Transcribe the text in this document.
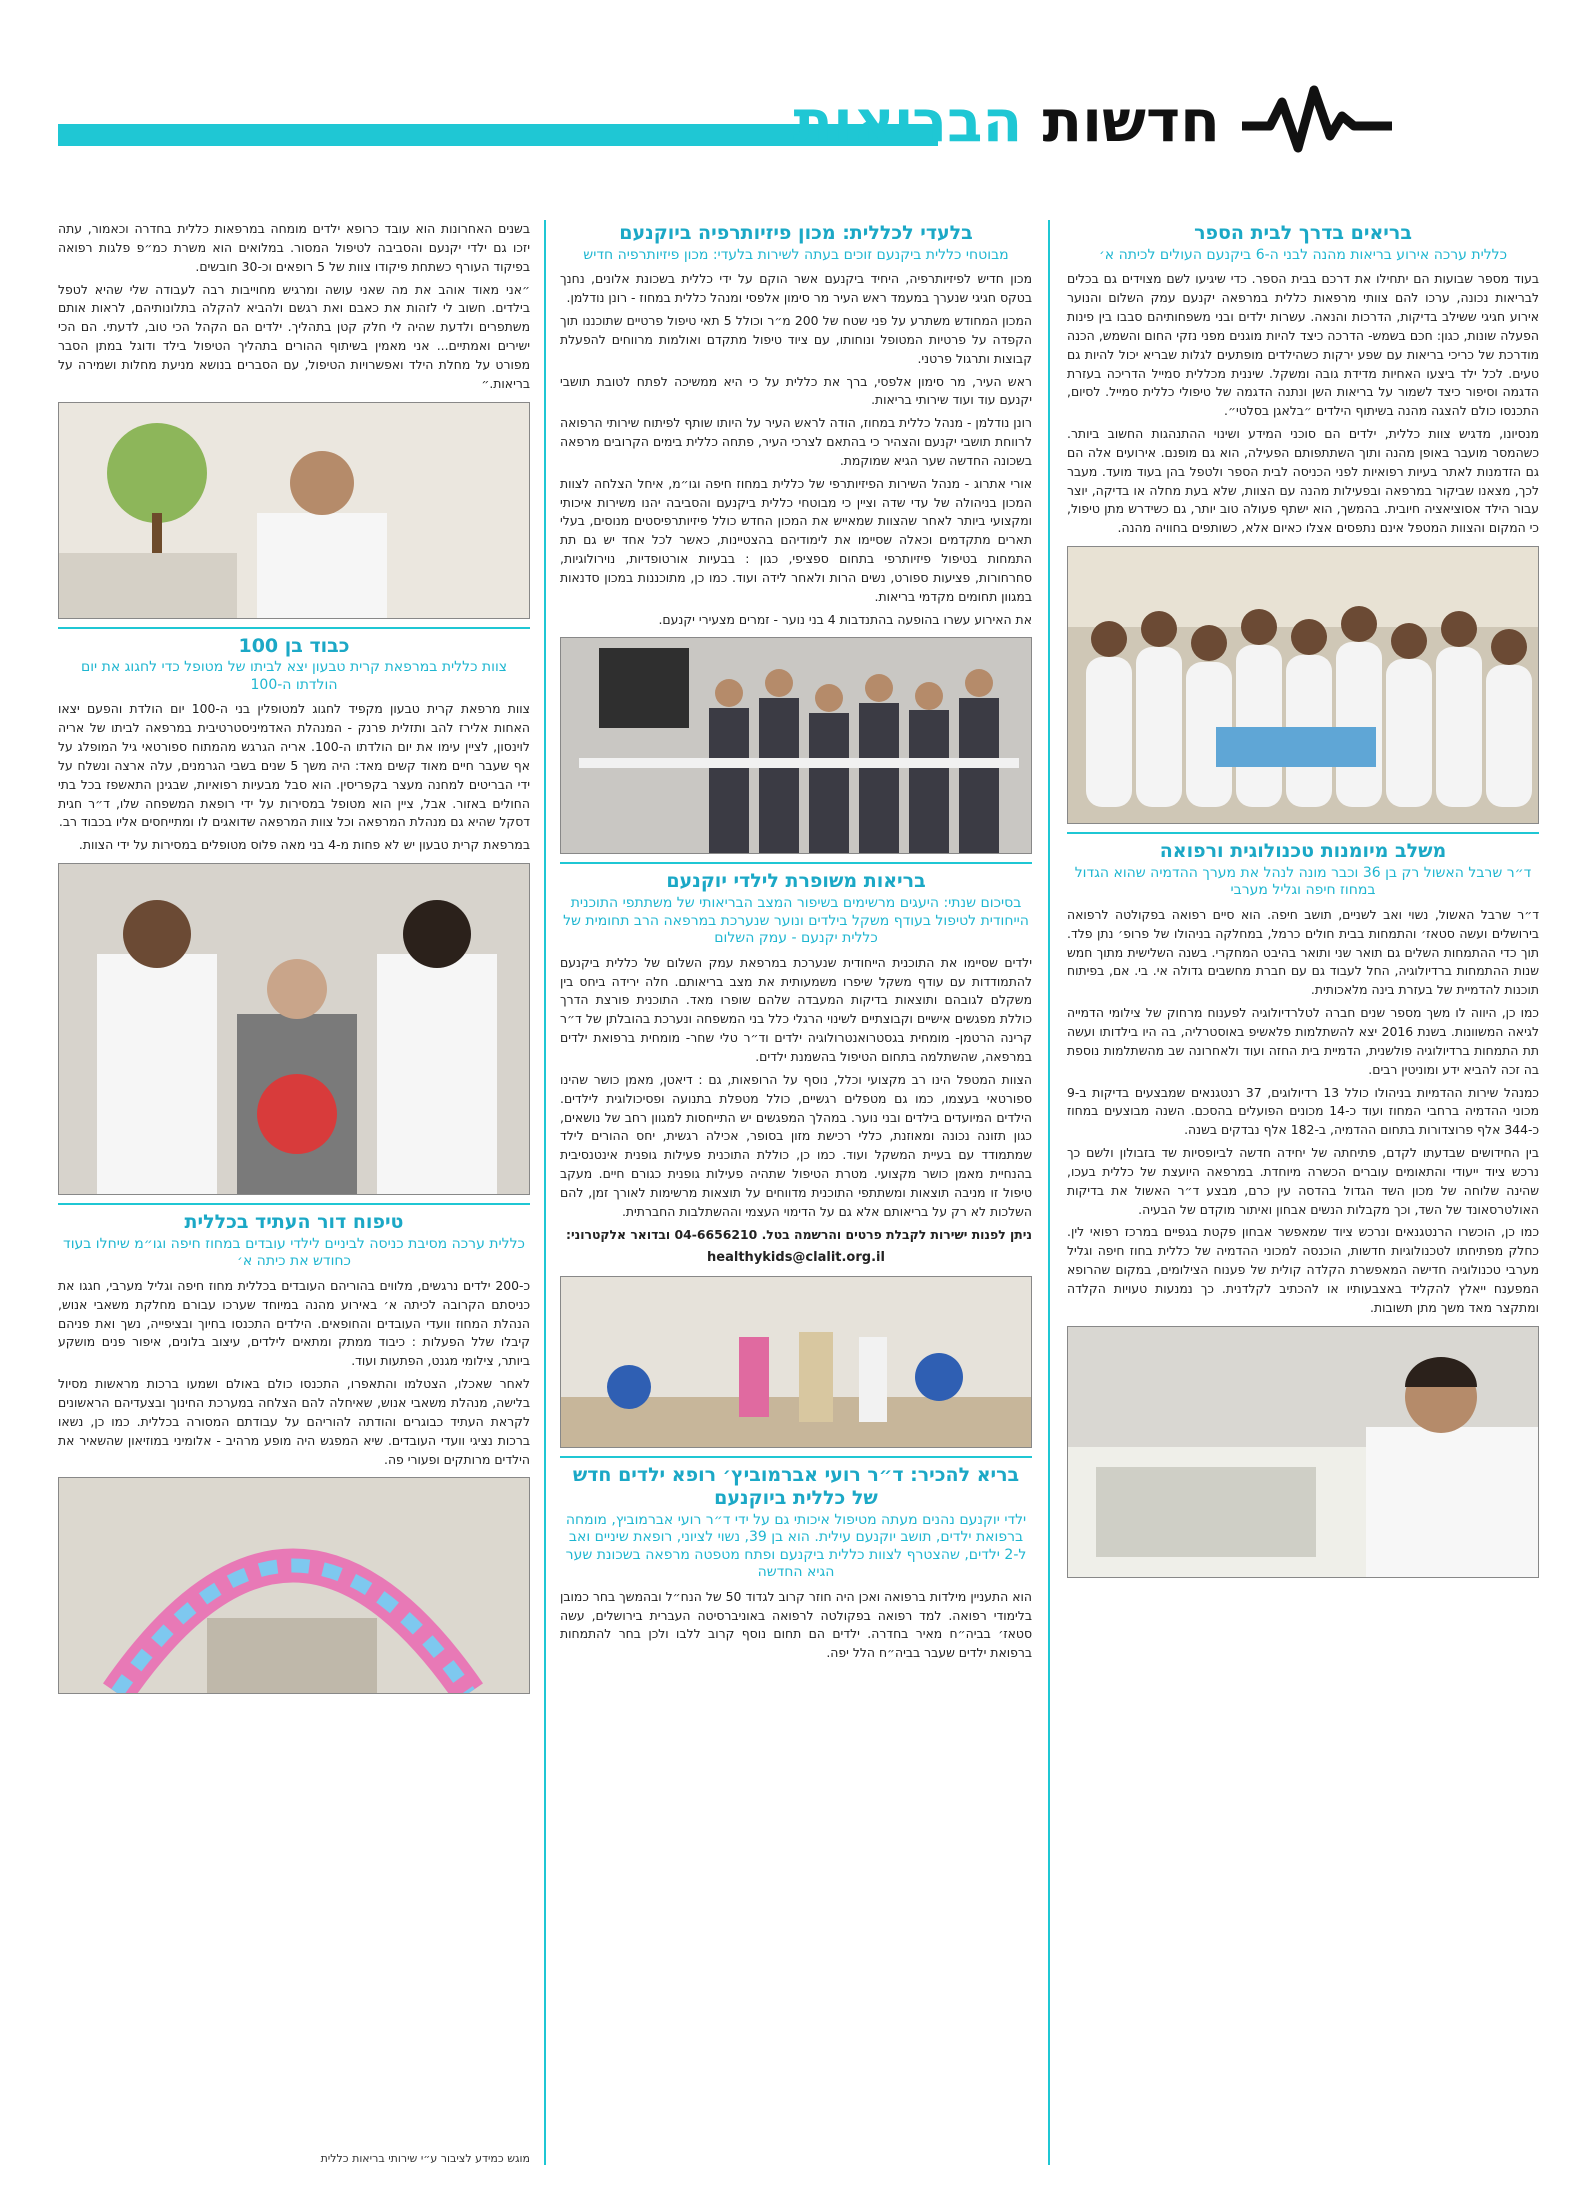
חדשות הבריאות
בריאים בדרך לבית הספר
כללית ערכה אירוע בריאות מהנה לבני ה-6 ביקנעם העולים לכיתה א׳

בעוד מספר שבועות הם יתחילו את דרכם בבית הספר. כדי שיגיעו לשם מצוידים גם בכלים לבריאות נכונה, ערכו להם צוותי מרפאות כללית במרפאה יקנעם עמק השלום והנוער אירוע חגיגי ששילב בדיקות, הדרכות והנאה. עשרות ילדים ובני משפחותיהם סבבו בין פינות הפעלה שונות, כגון: חכם בשמש- הדרכה כיצד להיות מוגנים מפני נזקי החום והשמש, הכנה מודרכת של כריכי בריאות עם שפע ירקות כשהילדים מופתעים לגלות שבריא יכול להיות גם טעים. לכל ילד ביצעו האחיות מדידת גובה ומשקל. שיננית מכללית סמייל הדריכה בעזרת הדגמה וסיפור כיצד לשמור על בריאות השן ונתנה הדגמה של טיפולי כללית סמייל. לסיום, התכנסו כולם להצגה מהנה בשיתוף הילדים ״בלאגן בסלטי״.

מנסיונו, מדגיש צוות כללית, ילדים הם סוכני המידע ושינוי ההתנהגות החשוב ביותר. כשהמסר מועבר באופן מהנה ותוך השתתפותם הפעילה, הוא גם מופנם. אירועים אלה הם גם הזדמנות לאתר בעיות רפואיות לפני הכניסה לבית הספר ולטפל בהן בעוד מועד. מעבר לכך, מצאנו שביקור במרפאה ובפעילות מהנה עם הצוות, שלא בעת מחלה או בדיקה, יוצר עבור הילד אסוציאציה חיובית. בהמשך, הוא ישתף פעולה טוב יותר, גם כשידרש מתן טיפול, כי המקום והצוות המטפל אינם נתפסים אצלו כאיום אלא, כשותפים בחוויה מהנה.

משלב מיומנות טכנולוגית ורפואה
ד״ר שרבל האשול רק בן 36 וכבר מונה לנהל את מערך ההדמיה שהוא הגדול במחוז חיפה וגליל מערבי

ד״ר שרבל האשול, נשוי ואב לשניים, תושב חיפה. הוא סיים רפואה בפקולטה לרפואה בירושלים ועשה סטאז׳ והתמחות בבית חולים כרמל, במחלקה בניהולו של פרופ׳ נתן פלד. תוך כדי ההתמחות השלים גם תואר שני ותואר בהיבט המחקרי. בשנה השלישית מתוך חמש שנות ההתמחות ברדיולוגיה, החל לעבוד גם עם חברת מחשבים גדולה אי. בי. אם, בפיתוח תוכנות להדמיית של בעזרת בינה מלאכותית.

כמו כן, היווה לו משך מספר שנים חברה לטלרדיולוגיה לפענוח מרחוק של צילומי הדמייה לגיאה המשוונות. בשנת 2016 יצא להשתלמות פלאשיפ באוסטרליה, בה היו בילדותו ועשה תת התמחות ברדיולוגיה פולשנית, הדמיית בית החזה ועוד ולאחרונה שב מהשתלמות נוספת בה זכה להביא ידע ומוניטין רבים.

כמנהל שירות ההדמיות בניהולו כולל 13 רדיולוגים, 37 רנטגנאים שמבצעים בדיקות ב-9 מכוני ההדמיה ברחבי המחוז ועוד כ-14 מכונים הפועלים בהסכם. השנה מבוצעים במחוז כ-344 אלף פרוצדורות בתחום ההדמיה, ב-182 אלף נבדקים בשנה.

בין החידושים שבדעתו לקדם, פתיחתה של יחידה חדשה לביופסיות שד בזבולון ולשם כך נרכש ציוד ייעודי והתאומים עוברים הכשרה מיוחדת. במרפאה היועצת של כללית בעכו, שהינה שלוחה של מכון השד הגדול בהדסה עין כרם, מבצע ד״ר האשול את בדיקות האולטרסאונד של השד, וכך מקבלות הנשים אבחון ואיתור מוקדם של הבעיה.

כמו כן, הוכשרו הרנטגנאים ונרכש ציוד שמאפשר אבחון פקטת בגפיים במרכז רפואי לין. כחלק מפתיחתו לטכנולוגיות חדשות, הוכנסה למכוני ההדמיה של כללית בחוז חיפה וגליל מערבי טכנולוגיה חדישה המאפשרת הקלדה קולית של פענוח הצילומים, במקום שהרופא המפענח ייאלץ להקליד באצבעותיו או להכתיב לקלדנית. כך נמנעות טעויות הקלדה ומתקצר מאד משך מתן תשובות.

בלעדי לכללית: מכון פיזיותרפיה ביוקנעם
מבוטחי כללית ביקנעם זוכים בעתה לשירות בלעדי: מכון פיזיותרפיה חדיש

מכון חדיש לפיזיותרפיה, היחיד ביקנעם אשר הוקם על ידי כללית בשכונת אלונים, נחנך בטקס חגיגי שנערך במעמד ראש העיר מר סימון אלפסי ומנהל כללית במחוז - רונן נודלמן.

המכון המחודש משתרע על פני שטח של 200 מ״ר וכולל 5 תאי טיפול פרטיים שתוכננו תוך הקפדה על פרטיות המטופל ונוחותו, עם ציוד טיפול מתקדם ואולמות מרווחים להפעלת קבוצות ותרגול פרטני.

ראש העיר, מר סימון אלפסי, ברך את כללית על כי היא ממשיכה לפתח לטובת תושבי יקנעם עוד ועוד שירותי בריאות.

רונן נודלמן - מנהל כללית במחוז, הודה לראש העיר על היותו שותף לפיתוח שירותי הרפואה לרווחת תושבי יקנעם והצהיר כי בהתאם לצרכי העיר, פתחה כללית בימים הקרובים מרפאה בשכונה החדשה שער הגיא שמוקמת.

אורי אתרוג - מנהל השירות הפיזיותרפי של כללית במחוז חיפה וגו״מ, איחל הצלחה לצוות המכון בניהולה של עדי שדה וציין כי מבוטחי כללית ביקנעם והסביבה יהנו משירות איכותי ומקצועי ביותר לאחר שהצוות שמאייש את המכון החדש כולל פיזיותרפיסטים מנוסים, בעלי תארים מתקדמים וכאלה שסיימו את לימודיהם בהצטיינות, כאשר לכל אחד יש גם תת התמחות בטיפול פיזיותרפי בתחום ספציפי, כגון : בבעיות אורטופדיות, נוירולוגיות, סחרחורות, פציעות ספורט, נשים הרות ולאחר לידה ועוד. כמו כן, מתוכננות במכון סדנאות במגוון תחומים מקדמי בריאות.

את האירוע עשרו בהופעה בהתנדבות 4 בני נוער - זמרים מצעירי יקנעם.

בריאות משופרת לילדי יוקנעם
בסיכום שנתי: היעגים מרשימים בשיפור המצב הבריאותי של משתתפי התוכנית הייחודית לטיפול בעודף משקל בילדים ונוער שנערכת במרפאה הרב תחומית של כללית יקנעם - עמק השלום

ילדים שסיימו את התוכנית הייחודית שנערכת במרפאת עמק השלום של כללית ביקנעם להתמודדות עם עודף משקל שיפרו משמעותית את מצב בריאותם. חלה ירידה ביחס בין משקלם לגובהם ותוצאות בדיקות המעבדה שלהם שופרו מאד. התוכנית פורצת הדרך כוללת מפגשים אישיים וקבוצתיים לשינוי הרגלי כלל בני המשפחה ונערכת בהובלתן של ד״ר קרינה הרטמן- מומחית בגסטרואנטרולוגיה ילדים וד״ר טלי שחר- מומחית ברפואת ילדים במרפאה, שהשתלמה בתחום הטיפול בהשמנת ילדים.

הצוות המטפל הינו רב מקצועי וכלל, נוסף על הרופאות, גם : דיאטן, מאמן כושר שהינו ספורטאי בעצמו, כמו גם מטפלים רגשיים, כולל מטפלת בתנועה ופסיכולוגית לילדים. הילדים המיועדים בילדים ובני נוער. במהלך המפגשים יש התייחסות למגוון רחב של נושאים, כגון תזונה נכונה ומאוזנת, כללי רכישת מזון בסופר, אכילה רגשית, יחס ההורים לילד שמתמודד עם בעיית המשקל ועוד. כמו כן, כוללת התוכנית פעילות גופנית אינטנסיבית בהנחיית מאמן כושר מקצועי. מטרת הטיפול שתהיה פעילות גופנית כגורם חיים. מעקב טיפול זו מניבה תוצאות ומשתתפי התוכנית מדווחים על תוצאות מרשימות לאורך זמן, להם השלכות לא רק על בריאותם אלא גם על הדימוי העצמי וההשתלבות החברתית.

ניתן לפנות ישירות לקבלת פרטים והרשמה בטל. 04-6656210 ובדואר אלקטרוני:

healthykids@clalit.org.il

בריא להכיר: ד״ר רועי אברמוביץ׳ רופא ילדים חדש של כללית ביוקנעם
ילדי יוקנעם נהנים מעתה מטיפול איכותי גם על ידי ד״ר רועי אברמוביץ, מומחה ברפואת ילדים, תושב יוקנעם עילית. הוא בן 39, נשוי לציוני, רופאת שיניים ואב ל-2 ילדים, שהצטרף לצוות כללית ביקנעם ופתח מטפטה מרפאה בשכונת שער הגיא החדשה

הוא התעניין מילדות ברפואה ואכן היה חוזר קרוב לגדוד 50 של הנח״ל ובהמשך בחר כמובן בלימודי רפואה. למד רפואה בפקולטה לרפואה באוניברסיטה העברית בירושלים, עשה סטאז׳ בביה״ח מאיר בחדרה. ילדים הם תחום נוסף קרוב ללבו ולכן בחר להתמחות ברפואת ילדים שעבר בביה״ח הלל יפה.

בשנים האחרונות הוא עובד כרופא ילדים מומחה במרפאות כללית בחדרה וכאמור, עתה יזכו גם ילדי יקנעם והסביבה לטיפול המסור. במלואים הוא משרת כמ״פ פלגות רפואה בפיקוד העורף כשתחת פיקודו צוות של 5 רופאים וכ-30 חובשים.

״אני מאוד אוהב את מה שאני עושה ומרגיש מחוייבות רבה לעבודה שלי שהיא לטפל בילדים. חשוב לי לזהות את כאבם ואת רגשם ולהביא להקלה בתלונותיהם, לראות אותם משתפרים ולדעת שהיה לי חלק קטן בתהליך. ילדים הם הקהל הכי טוב, לדעתי. הם הכי ישירים ואמתיים... אני מאמין בשיתוף ההורים בתהליך הטיפול בילד ודוגל במתן הסבר מפורט על מחלת הילד ואפשרויות הטיפול, עם הסברים בנושא מניעת מחלות ושמירה על בריאות.״

כבוד בן 100
צוות כללית במרפאת קרית טבעון יצא לביתו של מטופל כדי לחגוג את יום הולדתו ה-100

צוות מרפאת קרית טבעון מקפיד לחגוג למטופלין בני ה-100 יום הולדת והפעם יצאו האחות אלירז להב ותזלית פרנק - המנהלת האדמיניסטרטיבית במרפאה לביתו של אריה לוינסון, לציין עימו את יום הולדתו ה-100. אריה הגרגש מהמתוח ספורטאי גיל המופלג על אף שעבר חיים מאוד קשים מאד: היה משך 5 שנים בשבי הגרמנים, עלה ארצה ונשלח על ידי הבריטים למחנה מעצר בקפריסין. הוא סבל מבעיות רפואיות, שבגינן התאשפז בכל בתי החולים באזור. אבל, ציין הוא מטופל במסירות על ידי רופאת המשפחה שלו, ד״ר חגית דסקל שהיא גם מנהלת המרפאה וכל צוות המרפאה שדואגים לו ומתייחסים אליו בכבוד רב.

במרפאת קרית טבעון יש לא פחות מ-4 בני מאה פלוס מטופלים במסירות על ידי הצוות.

טיפוח דור העתיד בכללית
כללית ערכה מסיבת כניסה לביניים לילדי עובדים במחוז חיפה וגו״מ שיחלו בעוד כחודש את כיתה א׳

כ-200 ילדים נרגשים, מלווים בהוריהם העובדים בכללית מחוז חיפה וגליל מערבי, חגגו את כניסתם הקרובה לכיתה א׳ באירוע מהנה במיוחד שערכו עבורם מחלקת משאבי אנוש, הנהלת המחוז וועדי העובדים והחופאים. הילדים התכנסו בחיוך ובציפייה, נשך ואת פניהם קיבלו שלל הפעלות : כיבוד ממתק ומתאים לילדים, עיצוב בלונים, איפור פנים מושקע ביותר, צילומי מגנט, הפתעות ועוד.

לאחר שאכלו, הצטלמו והתאפרו, התכנסו כולם באולם ושמעו ברכות מראשות מסיול בלישה, מנהלת משאבי אנוש, שאיחלה להם הצלחה במערכת החינוך ובצעדיהם הראשונים לקראת העתיד כבוגרים והודתה להוריהם על עבודתם המסורה בכללית. כמו כן, נשאו ברכות נציגי וועדי העובדים. שיא המפגש היה מופע מרהיב - אלומיני במוזיאון שהשאיר את הילדים מרותקים ופעורי פה.

מוגש כמידע לציבור ע״י שירותי בריאות כללית
